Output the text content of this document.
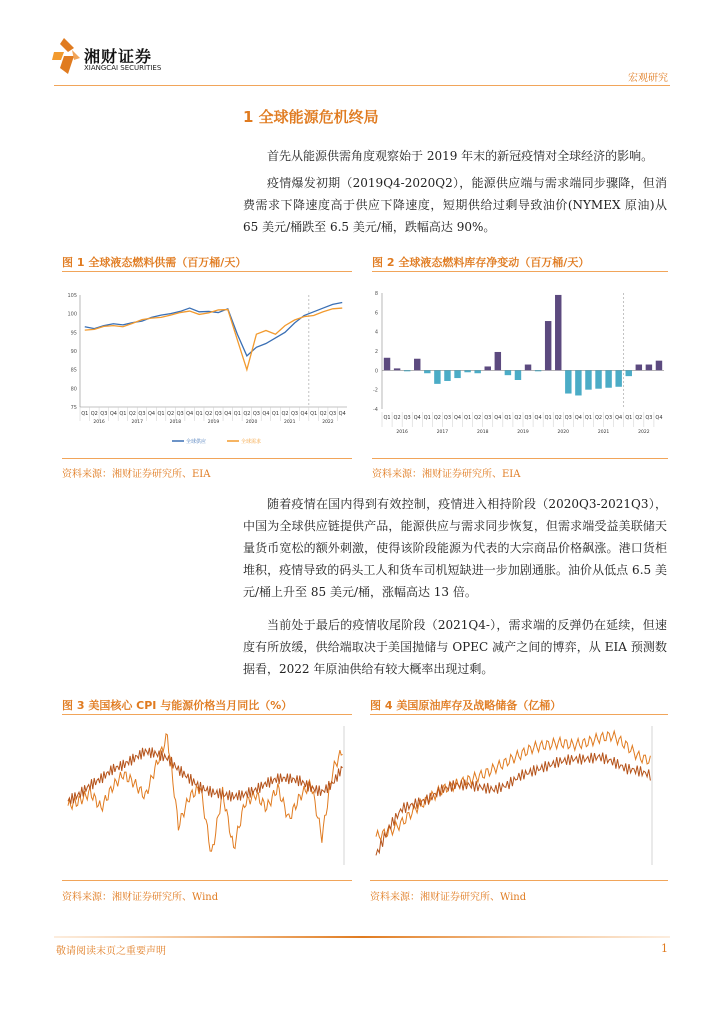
湘财证券
XIANGCAI SECURITIES
宏观研究
1 全球能源危机终局
首先从能源供需角度观察始于 2019 年末的新冠疫情对全球经济的影响。
疫情爆发初期（2019Q4-2020Q2），能源供应端与需求端同步骤降，但消费需求下降速度高于供应下降速度，短期供给过剩导致油价(NYMEX 原油)从 65 美元/桶跌至 6.5 美元/桶，跌幅高达 90%。
图 1 全球液态燃料供需（百万桶/天）
75
80
85
90
95
100
105
Q1 Q2 Q3 Q4 Q1 Q2 Q3 Q4 Q1 Q2 Q3 Q4 Q1 Q2 Q3 Q4 Q1 Q2 Q3 Q4 Q1 Q2 Q3 Q4 Q1 Q2 Q3 Q4
2016	2017	2018	2019	2020	2021	2022
全球供应	全球需求
资料来源：湘财证券研究所、EIA
图 2 全球液态燃料库存净变动（百万桶/天）
-4
-2
0
2
4
6
8
Q1 Q2 Q3 Q4 Q1 Q2 Q3 Q4 Q1 Q2 Q3 Q4 Q1 Q2 Q3 Q4 Q1 Q2 Q3 Q4 Q1 Q2 Q3 Q4 Q1 Q2 Q3 Q4
2016	2017	2018	2019	2020	2021	2022
资料来源：湘财证券研究所、EIA
随着疫情在国内得到有效控制，疫情进入相持阶段（2020Q3-2021Q3），中国为全球供应链提供产品，能源供应与需求同步恢复，但需求端受益美联储天量货币宽松的额外刺激，使得该阶段能源为代表的大宗商品价格飙涨。港口货柜堆积，疫情导致的码头工人和货车司机短缺进一步加剧通胀。油价从低点 6.5 美元/桶上升至 85 美元/桶，涨幅高达 13 倍。
当前处于最后的疫情收尾阶段（2021Q4-），需求端的反弹仍在延续，但速度有所放缓，供给端取决于美国抛储与 OPEC 减产之间的博弈，从 EIA 预测数据看，2022 年原油供给有较大概率出现过剩。
图 3 美国核心 CPI 与能源价格当月同比（%）
资料来源：湘财证券研究所、Wind
图 4 美国原油库存及战略储备（亿桶）
资料来源：湘财证券研究所、Wind
敬请阅读末页之重要声明	1
